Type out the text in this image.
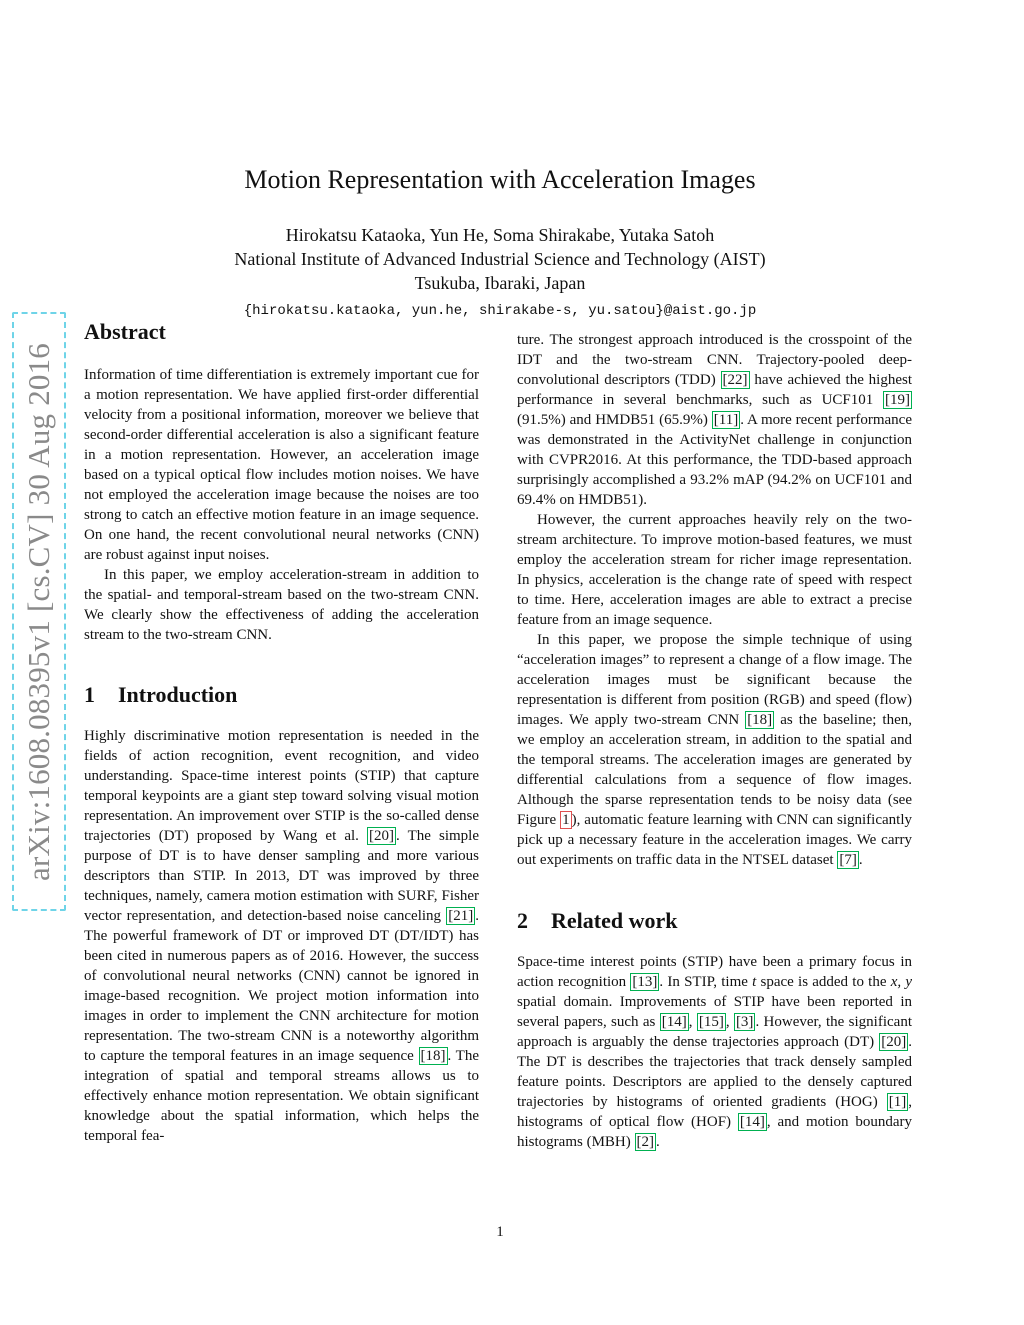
Motion Representation with Acceleration Images
Hirokatsu Kataoka, Yun He, Soma Shirakabe, Yutaka Satoh
National Institute of Advanced Industrial Science and Technology (AIST)
Tsukuba, Ibaraki, Japan
{hirokatsu.kataoka, yun.he, shirakabe-s, yu.satou}@aist.go.jp
arXiv:1608.08395v1 [cs.CV] 30 Aug 2016
Abstract

Information of time differentiation is extremely important cue for a motion representation. We have applied first-order differential velocity from a positional information, moreover we believe that second-order differential acceleration is also a significant feature in a motion representation. However, an acceleration image based on a typical optical flow includes motion noises. We have not employed the acceleration image because the noises are too strong to catch an effective motion feature in an image sequence. On one hand, the recent convolutional neural networks (CNN) are robust against input noises.

In this paper, we employ acceleration-stream in addition to the spatial- and temporal-stream based on the two-stream CNN. We clearly show the effectiveness of adding the acceleration stream to the two-stream CNN.

1 Introduction

Highly discriminative motion representation is needed in the fields of action recognition, event recognition, and video understanding. Space-time interest points (STIP) that capture temporal keypoints are a giant step toward solving visual motion representation. An improvement over STIP is the so-called dense trajectories (DT) proposed by Wang et al. [20] . The simple purpose of DT is to have denser sampling and more various descriptors than STIP. In 2013, DT was improved by three techniques, namely, camera motion estimation with SURF, Fisher vector representation, and detection-based noise canceling [21] . The powerful framework of DT or improved DT (DT/IDT) has been cited in numerous papers as of 2016. However, the success of convolutional neural networks (CNN) cannot be ignored in image-based recognition. We project motion information into images in order to implement the CNN architecture for motion representation. The two-stream CNN is a noteworthy algorithm to capture the temporal features in an image sequence [18] . The integration of spatial and temporal streams allows us to effectively enhance motion representation. We obtain significant knowledge about the spatial information, which helps the temporal fea-

ture. The strongest approach introduced is the crosspoint of the IDT and the two-stream CNN. Trajectory-pooled deep-convolutional descriptors (TDD) [22] have achieved the highest performance in several benchmarks, such as UCF101 [19] (91.5%) and HMDB51 (65.9%) [11] . A more recent performance was demonstrated in the ActivityNet challenge in conjunction with CVPR2016. At this performance, the TDD-based approach surprisingly accomplished a 93.2% mAP (94.2% on UCF101 and 69.4% on HMDB51).

However, the current approaches heavily rely on the two-stream architecture. To improve motion-based features, we must employ the acceleration stream for richer image representation. In physics, acceleration is the change rate of speed with respect to time. Here, acceleration images are able to extract a precise feature from an image sequence.

In this paper, we propose the simple technique of using “acceleration images” to represent a change of a flow image. The acceleration images must be significant because the representation is different from position (RGB) and speed (flow) images. We apply two-stream CNN [18] as the baseline; then, we employ an acceleration stream, in addition to the spatial and the temporal streams. The acceleration images are generated by differential calculations from a sequence of flow images. Although the sparse representation tends to be noisy data (see Figure 1 ), automatic feature learning with CNN can significantly pick up a necessary feature in the acceleration images. We carry out experiments on traffic data in the NTSEL dataset [7] .

2 Related work

Space-time interest points (STIP) have been a primary focus in action recognition [13] . In STIP, time t space is added to the x, y spatial domain. Improvements of STIP have been reported in several papers, such as [14] , [15] , [3] . However, the significant approach is arguably the dense trajectories approach (DT) [20] . The DT is describes the trajectories that track densely sampled feature points. Descriptors are applied to the densely captured trajectories by histograms of oriented gradients (HOG) [1] , histograms of optical flow (HOF) [14] , and motion boundary histograms (MBH) [2] .

1
